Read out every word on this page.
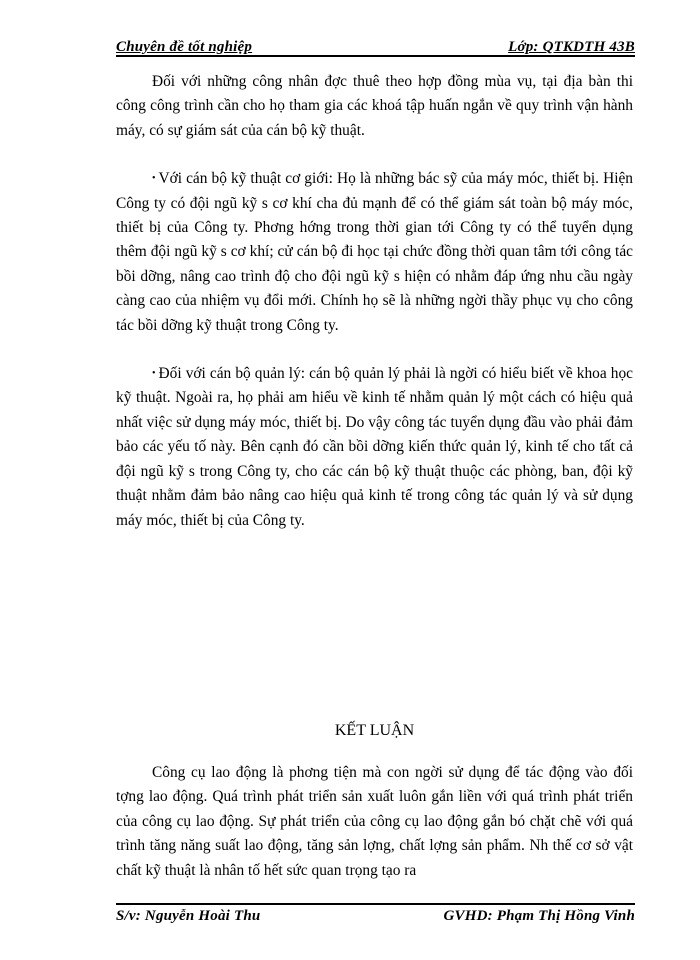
Chuyên đề tốt nghiệp	Lớp: QTKDTH 43B

Đối với những công nhân đợc thuê theo hợp đồng mùa vụ, tại địa bàn thi công công trình cần cho họ tham gia các khoá tập huấn ngắn về quy trình vận hành máy, có sự giám sát của cán bộ kỹ thuật.

• Với cán bộ kỹ thuật cơ giới: Họ là những bác sỹ của máy móc, thiết bị. Hiện Công ty có đội ngũ kỹ s cơ khí cha đủ mạnh để có thể giám sát toàn bộ máy móc, thiết bị của Công ty. Phơng hớng trong thời gian tới Công ty có thể tuyển dụng thêm đội ngũ kỹ s cơ khí; cử cán bộ đi học tại chức đồng thời quan tâm tới công tác bồi dỡng, nâng cao trình độ cho đội ngũ kỹ s hiện có nhằm đáp ứng nhu cầu ngày càng cao của nhiệm vụ đổi mới. Chính họ sẽ là những ngời thầy phục vụ cho công tác bồi dỡng kỹ thuật trong Công ty.

• Đối với cán bộ quản lý: cán bộ quản lý phải là ngời có hiểu biết về khoa học kỹ thuật. Ngoài ra, họ phải am hiểu về kinh tế nhằm quản lý một cách có hiệu quả nhất việc sử dụng máy móc, thiết bị. Do vậy công tác tuyển dụng đầu vào phải đảm bảo các yếu tố này. Bên cạnh đó cần bồi dỡng kiến thức quản lý, kinh tế cho tất cả đội ngũ kỹ s trong Công ty, cho các cán bộ kỹ thuật thuộc các phòng, ban, đội kỹ thuật nhằm đảm bảo nâng cao hiệu quả kinh tế trong công tác quản lý và sử dụng máy móc, thiết bị của Công ty.

KẾT LUẬN

Công cụ lao động là phơng tiện mà con ngời sử dụng để tác động vào đối tợng lao động. Quá trình phát triển sản xuất luôn gắn liền với quá trình phát triển của công cụ lao động. Sự phát triển của công cụ lao động gắn bó chặt chẽ với quá trình tăng năng suất lao động, tăng sản lợng, chất lợng sản phẩm. Nh thế cơ sở vật chất kỹ thuật là nhân tố hết sức quan trọng tạo ra

S/v: Nguyễn Hoài Thu	GVHD: Phạm Thị Hồng Vinh
